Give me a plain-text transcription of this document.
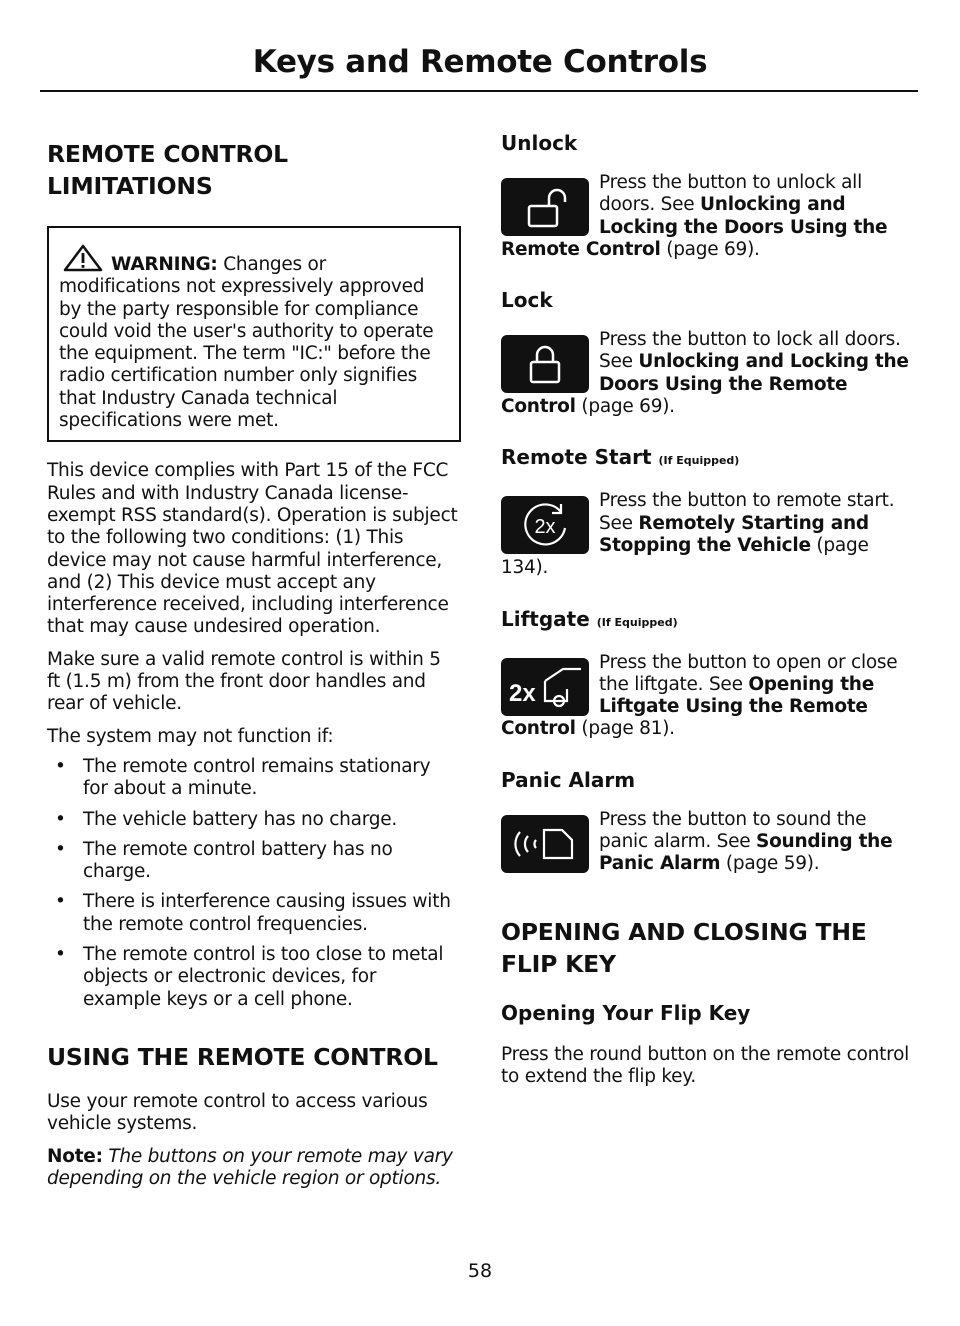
Keys and Remote Controls
REMOTE CONTROL
LIMITATIONS

WARNING: Changes or modifications not expressively approved by the party responsible for compliance could void the user's authority to operate the equipment. The term "IC:" before the radio certification number only signifies that Industry Canada technical specifications were met.

This device complies with Part 15 of the FCC Rules and with Industry Canada license-exempt RSS standard(s). Operation is subject to the following two conditions: (1) This device may not cause harmful interference, and (2) This device must accept any interference received, including interference that may cause undesired operation.

Make sure a valid remote control is within 5 ft (1.5 m) from the front door handles and rear of vehicle.

The system may not function if:

• The remote control remains stationary for about a minute.
• The vehicle battery has no charge.
• The remote control battery has no charge.
• There is interference causing issues with the remote control frequencies.
• The remote control is too close to metal objects or electronic devices, for example keys or a cell phone.
USING THE REMOTE CONTROL

Use your remote control to access various vehicle systems.

Note: The buttons on your remote may vary depending on the vehicle region or options.

Unlock

Press the button to unlock all doors. See Unlocking and Locking the Doors Using the Remote Control (page 69).

Lock

Press the button to lock all doors. See Unlocking and Locking the Doors Using the Remote Control (page 69).

Remote Start (If Equipped)
2x

Press the button to remote start. See Remotely Starting and Stopping the Vehicle (page 134).

Liftgate (If Equipped)
2x

Press the button to open or close the liftgate. See Opening the Liftgate Using the Remote Control (page 81).

Panic Alarm

Press the button to sound the panic alarm. See Sounding the Panic Alarm (page 59).

OPENING AND CLOSING THE
FLIP KEY
Opening Your Flip Key

Press the round button on the remote control to extend the flip key.

58
